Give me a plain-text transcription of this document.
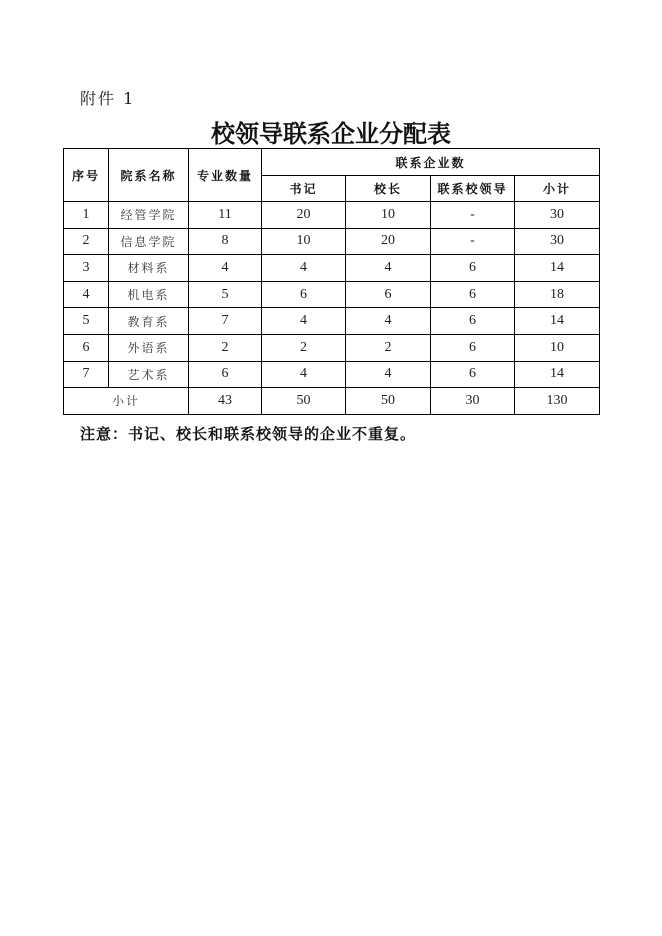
附件 1
校领导联系企业分配表
序号	院系名称	专业数量	联系企业数			
			书记	校长	联系校领导	小计
1	经管学院	11	20	10	-	30
2	信息学院	8	10	20	-	30
3	材料系	4	4	4	6	14
4	机电系	5	6	6	6	18
5	教育系	7	4	4	6	14
6	外语系	2	2	2	6	10
7	艺术系	6	4	4	6	14
小计		43	50	50	30	130
注意：书记、校长和联系校领导的企业不重复。
